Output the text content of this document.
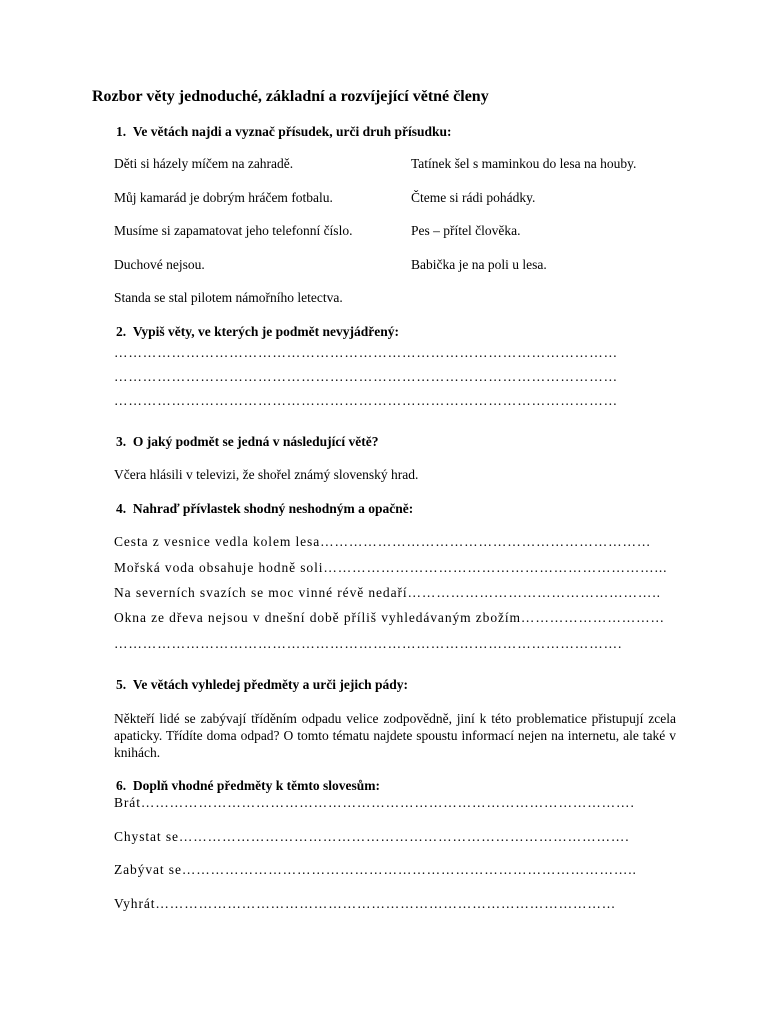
Rozbor věty jednoduché, základní a rozvíjející větné členy
1.  Ve větách najdi a vyznač přísudek, urči druh přísudku:
Děti si házely míčem na zahradě.
Můj kamarád je dobrým hráčem fotbalu.
Musíme si zapamatovat jeho telefonní číslo.
Duchové nejsou.
Standa se stal pilotem námořního letectva.
Tatínek šel s maminkou do lesa na houby.
Čteme si rádi pohádky.
Pes – přítel člověka.
Babička je na poli u lesa.
2.  Vypiš věty, ve kterých je podmět nevyjádřený:
……………………………………………………………………………………………
……………………………………………………………………………………………
……………………………………………………………………………………………
3.  O jaký podmět se jedná v následující větě?
Včera hlásili v televizi, že shořel známý slovenský hrad.
4.  Nahraď přívlastek shodný neshodným a opačně:
Cesta z vesnice vedla kolem lesa……………………………………………………………
Mořská voda obsahuje hodně soli……………………………………………………………...
Na severních svazích se moc vinné révě nedaří……………………………………………..
Okna ze dřeva nejsou v dnešní době příliš vyhledávaným zbožím…………………………
…………………………………………………………………………………………….
5.  Ve větách vyhledej předměty a urči jejich pády:
Někteří lidé se zabývají tříděním odpadu velice zodpovědně, jiní k této problematice přistupují zcela apaticky. Třídíte doma odpad? O tomto tématu najdete spoustu informací nejen na internetu, ale také v knihách.
6.  Doplň vhodné předměty k těmto slovesům:
Brát………………………………………………………………………………………….
Chystat se………………………………………………………………………………….
Zabývat se…………………………………………………………………………………..
Vyhrát……………………………………………………………………………………
